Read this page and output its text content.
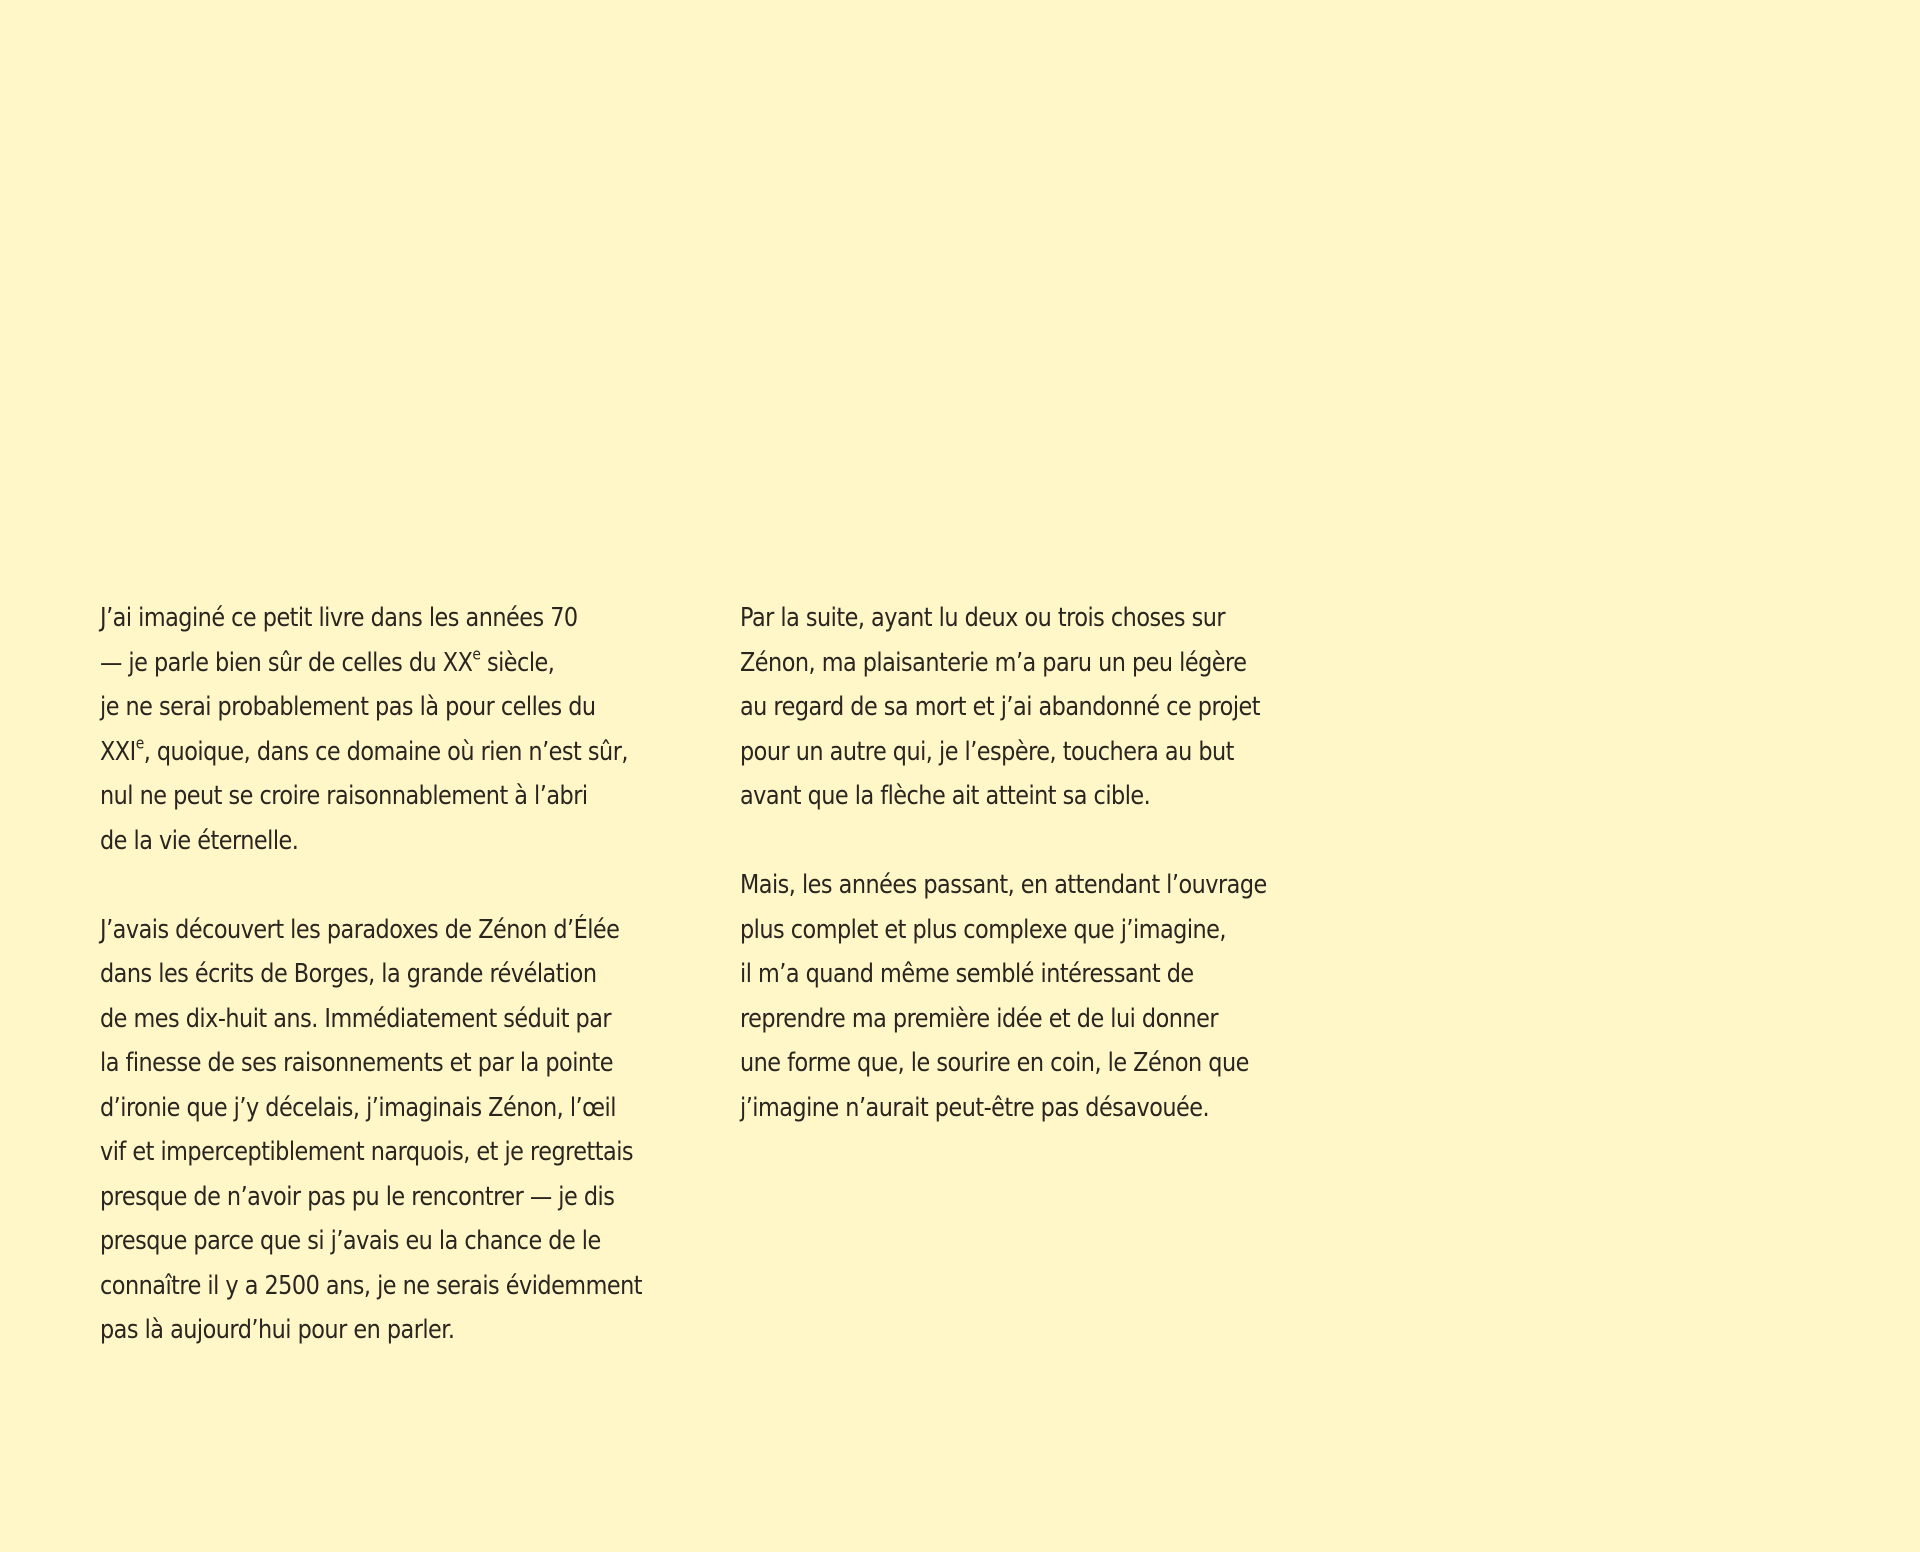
J’ai imaginé ce petit livre dans les années 70
— je parle bien sûr de celles du XXe siècle,
je ne serai probablement pas là pour celles du
XXIe, quoique, dans ce domaine où rien n’est sûr,
nul ne peut se croire raisonnablement à l’abri
de la vie éternelle.

J’avais découvert les paradoxes de Zénon d’Élée
dans les écrits de Borges, la grande révélation
de mes dix-huit ans. Immédiatement séduit par
la finesse de ses raisonnements et par la pointe
d’ironie que j’y décelais, j’imaginais Zénon, l’œil
vif et imperceptiblement narquois, et je regrettais
presque de n’avoir pas pu le rencontrer — je dis
presque parce que si j’avais eu la chance de le
connaître il y a 2500 ans, je ne serais évidemment
pas là aujourd’hui pour en parler.

Par la suite, ayant lu deux ou trois choses sur
Zénon, ma plaisanterie m’a paru un peu légère
au regard de sa mort et j’ai abandonné ce projet
pour un autre qui, je l’espère, touchera au but
avant que la flèche ait atteint sa cible.

Mais, les années passant, en attendant l’ouvrage
plus complet et plus complexe que j’imagine,
il m’a quand même semblé intéressant de
reprendre ma première idée et de lui donner
une forme que, le sourire en coin, le Zénon que
j’imagine n’aurait peut-être pas désavouée.
